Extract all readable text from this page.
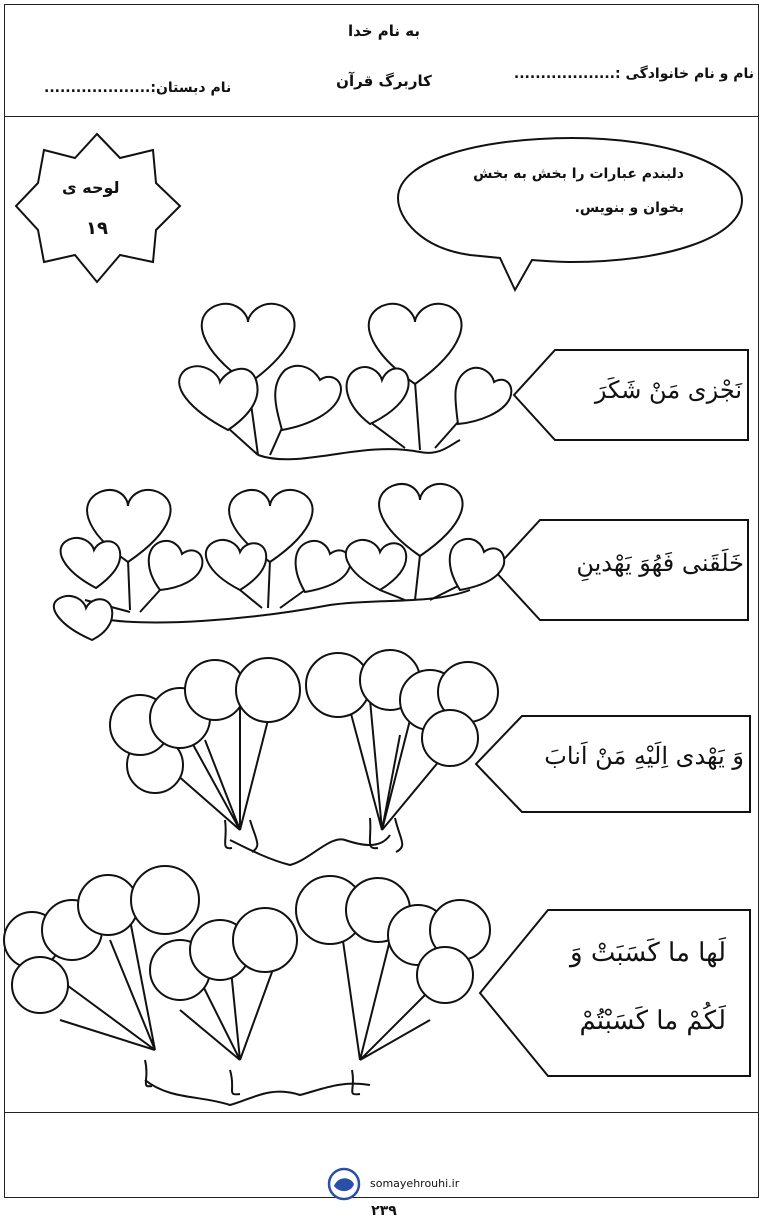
به نام خدا
نام و نام خانوادگی :...................
کاربرگ قرآن
نام دبستان:....................
لوحه ی
۱۹
دلبندم عبارات را بخش به بخش
بخوان و بنویس.
نَجْزی مَنْ شَکَرَ
خَلَقَنی فَهُوَ یَهْدینِ
وَ یَهْدی اِلَیْهِ مَنْ اَنابَ
لَها ما کَسَبَتْ وَ
لَکُمْ ما کَسَبْتُمْ
somayehrouhi.ir
۲۳۹
